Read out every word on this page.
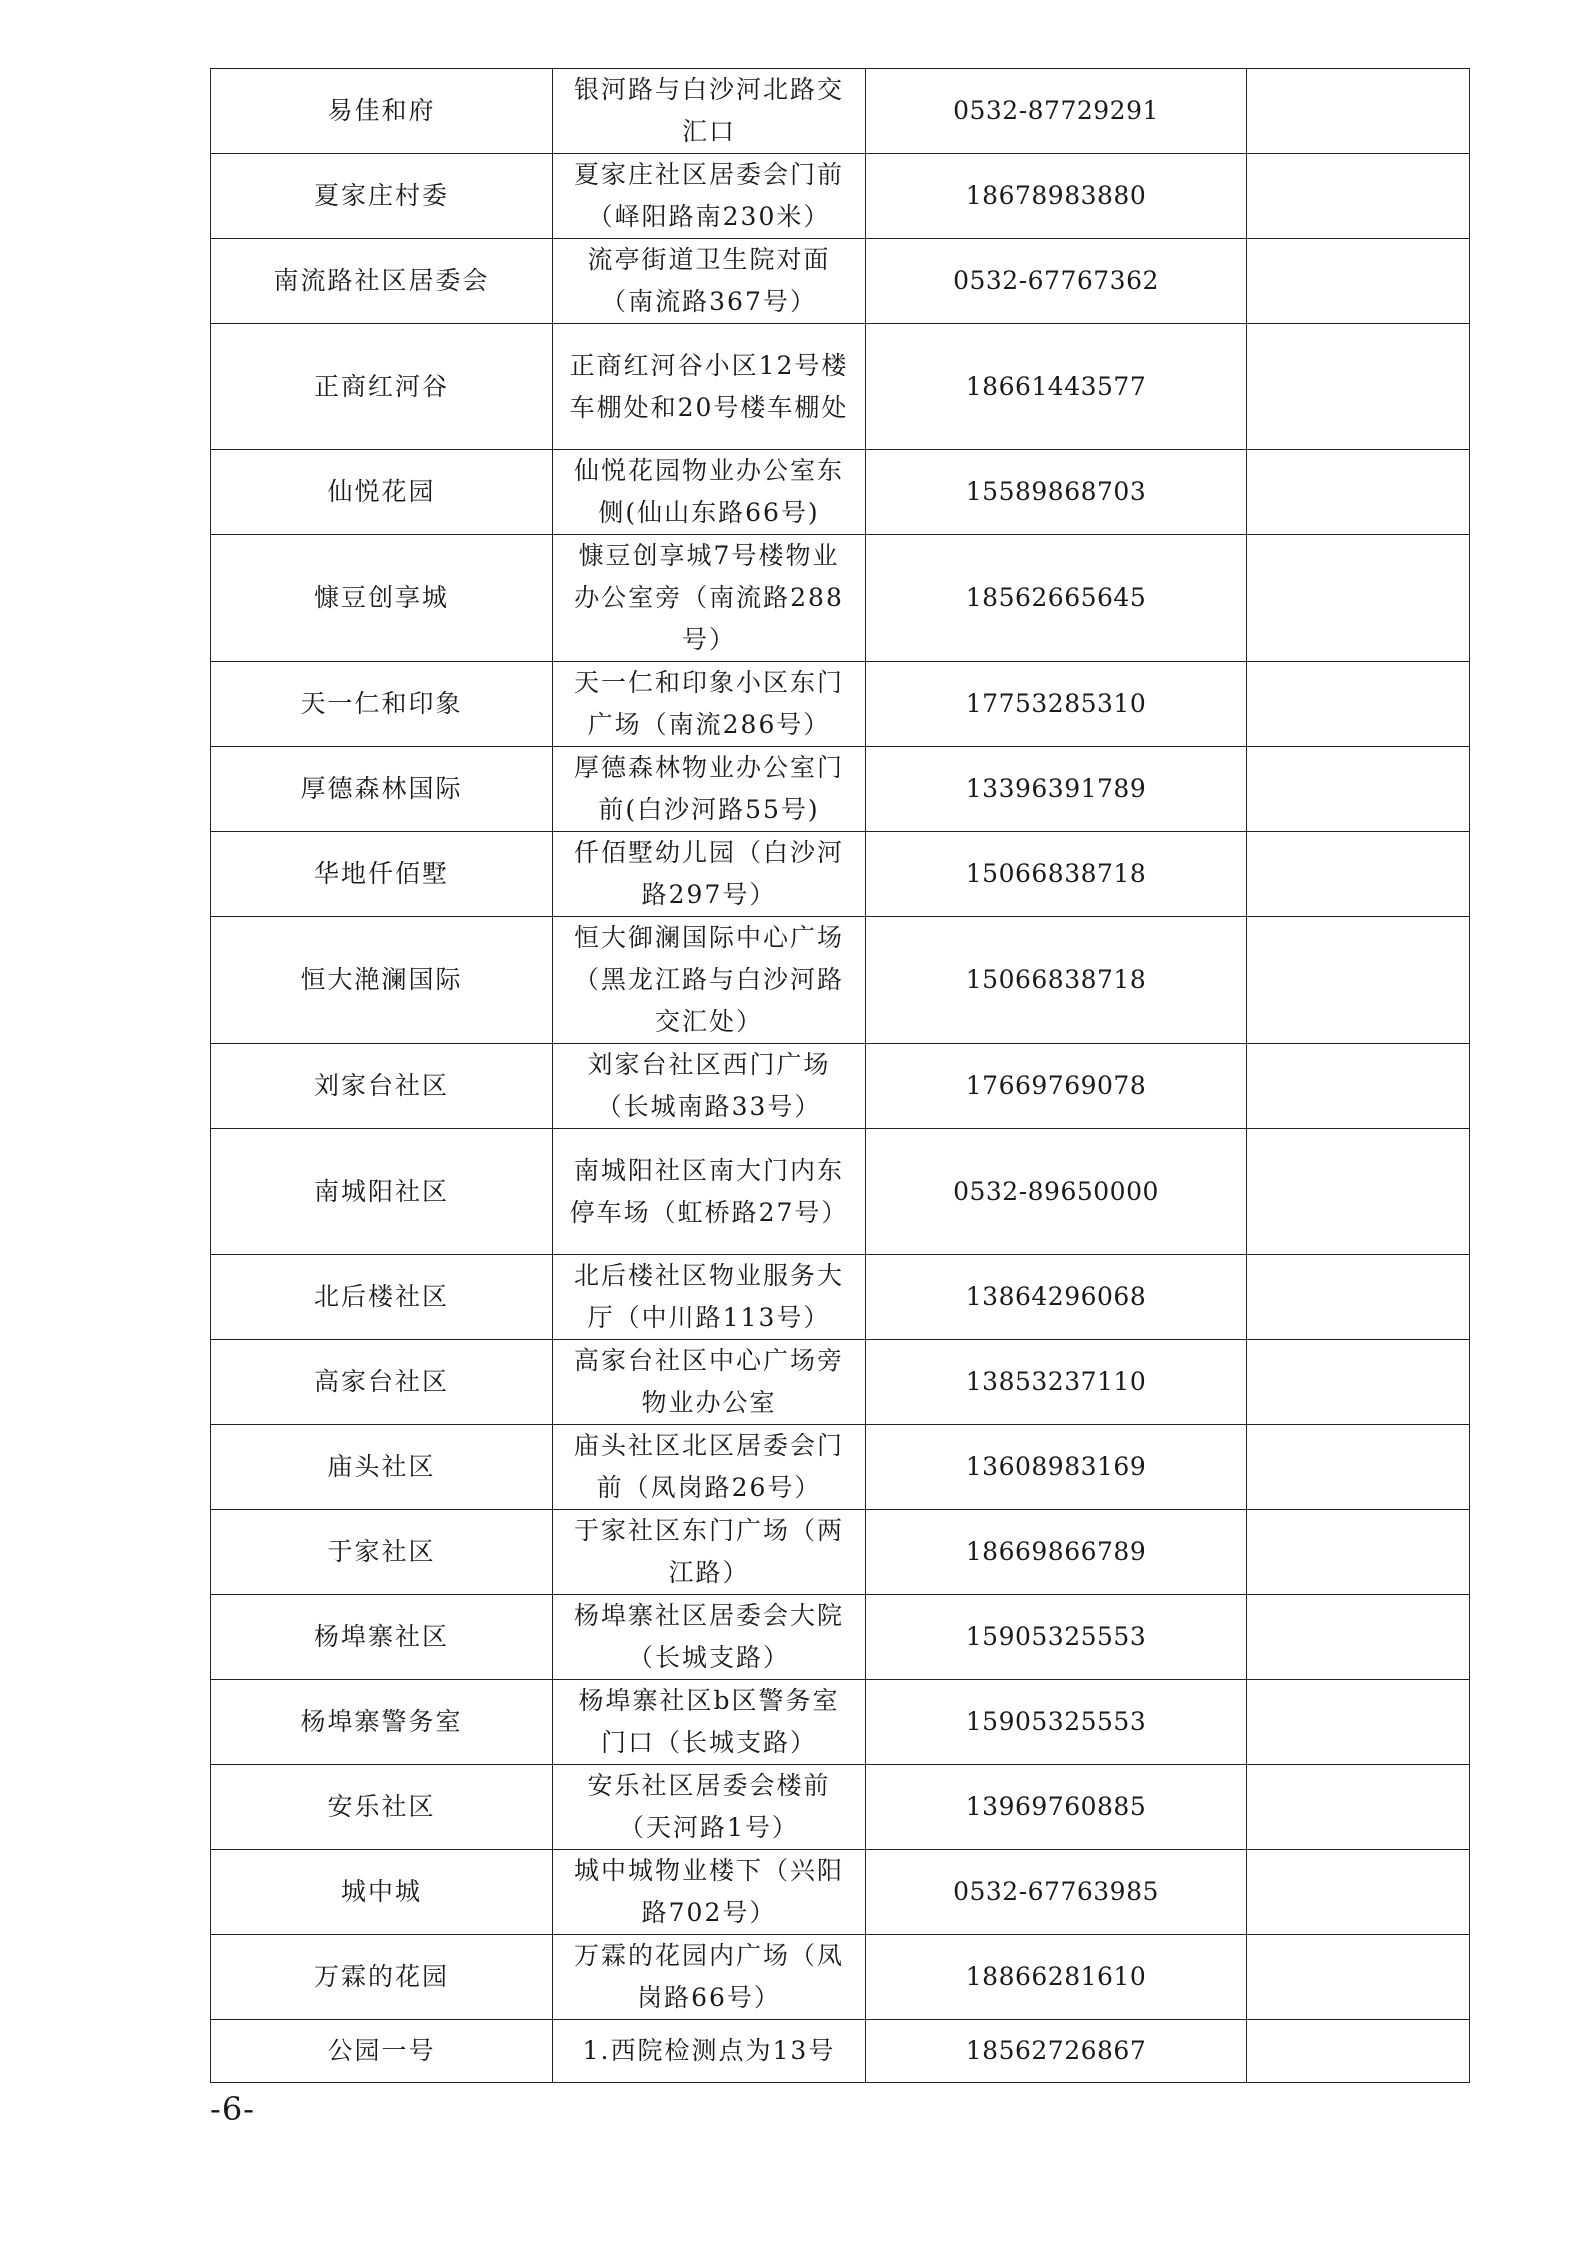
易佳和府	银河路与白沙河北路交汇口	0532-87729291	
夏家庄村委	夏家庄社区居委会门前（峄阳路南230米）	18678983880	
南流路社区居委会	流亭街道卫生院对面（南流路367号）	0532-67767362	
正商红河谷	正商红河谷小区12号楼车棚处和20号楼车棚处	18661443577	
仙悦花园	仙悦花园物业办公室东侧(仙山东路66号)	15589868703	
慷豆创享城	慷豆创享城7号楼物业办公室旁（南流路288号）	18562665645	
天一仁和印象	天一仁和印象小区东门广场（南流286号）	17753285310	
厚德森林国际	厚德森林物业办公室门前(白沙河路55号)	13396391789	
华地仟佰墅	仟佰墅幼儿园（白沙河路297号）	15066838718	
恒大滟澜国际	恒大御澜国际中心广场（黑龙江路与白沙河路交汇处）	15066838718	
刘家台社区	刘家台社区西门广场（长城南路33号）	17669769078	
南城阳社区	南城阳社区南大门内东停车场（虹桥路27号）	0532-89650000	
北后楼社区	北后楼社区物业服务大厅（中川路113号）	13864296068	
高家台社区	高家台社区中心广场旁物业办公室	13853237110	
庙头社区	庙头社区北区居委会门前（凤岗路26号）	13608983169	
于家社区	于家社区东门广场（两江路）	18669866789	
杨埠寨社区	杨埠寨社区居委会大院（长城支路）	15905325553	
杨埠寨警务室	杨埠寨社区b区警务室门口（长城支路）	15905325553	
安乐社区	安乐社区居委会楼前（天河路1号）	13969760885	
城中城	城中城物业楼下（兴阳路702号）	0532-67763985	
万霖的花园	万霖的花园内广场（凤岗路66号）	18866281610	
公园一号	1.西院检测点为13号	18562726867	
-6-
